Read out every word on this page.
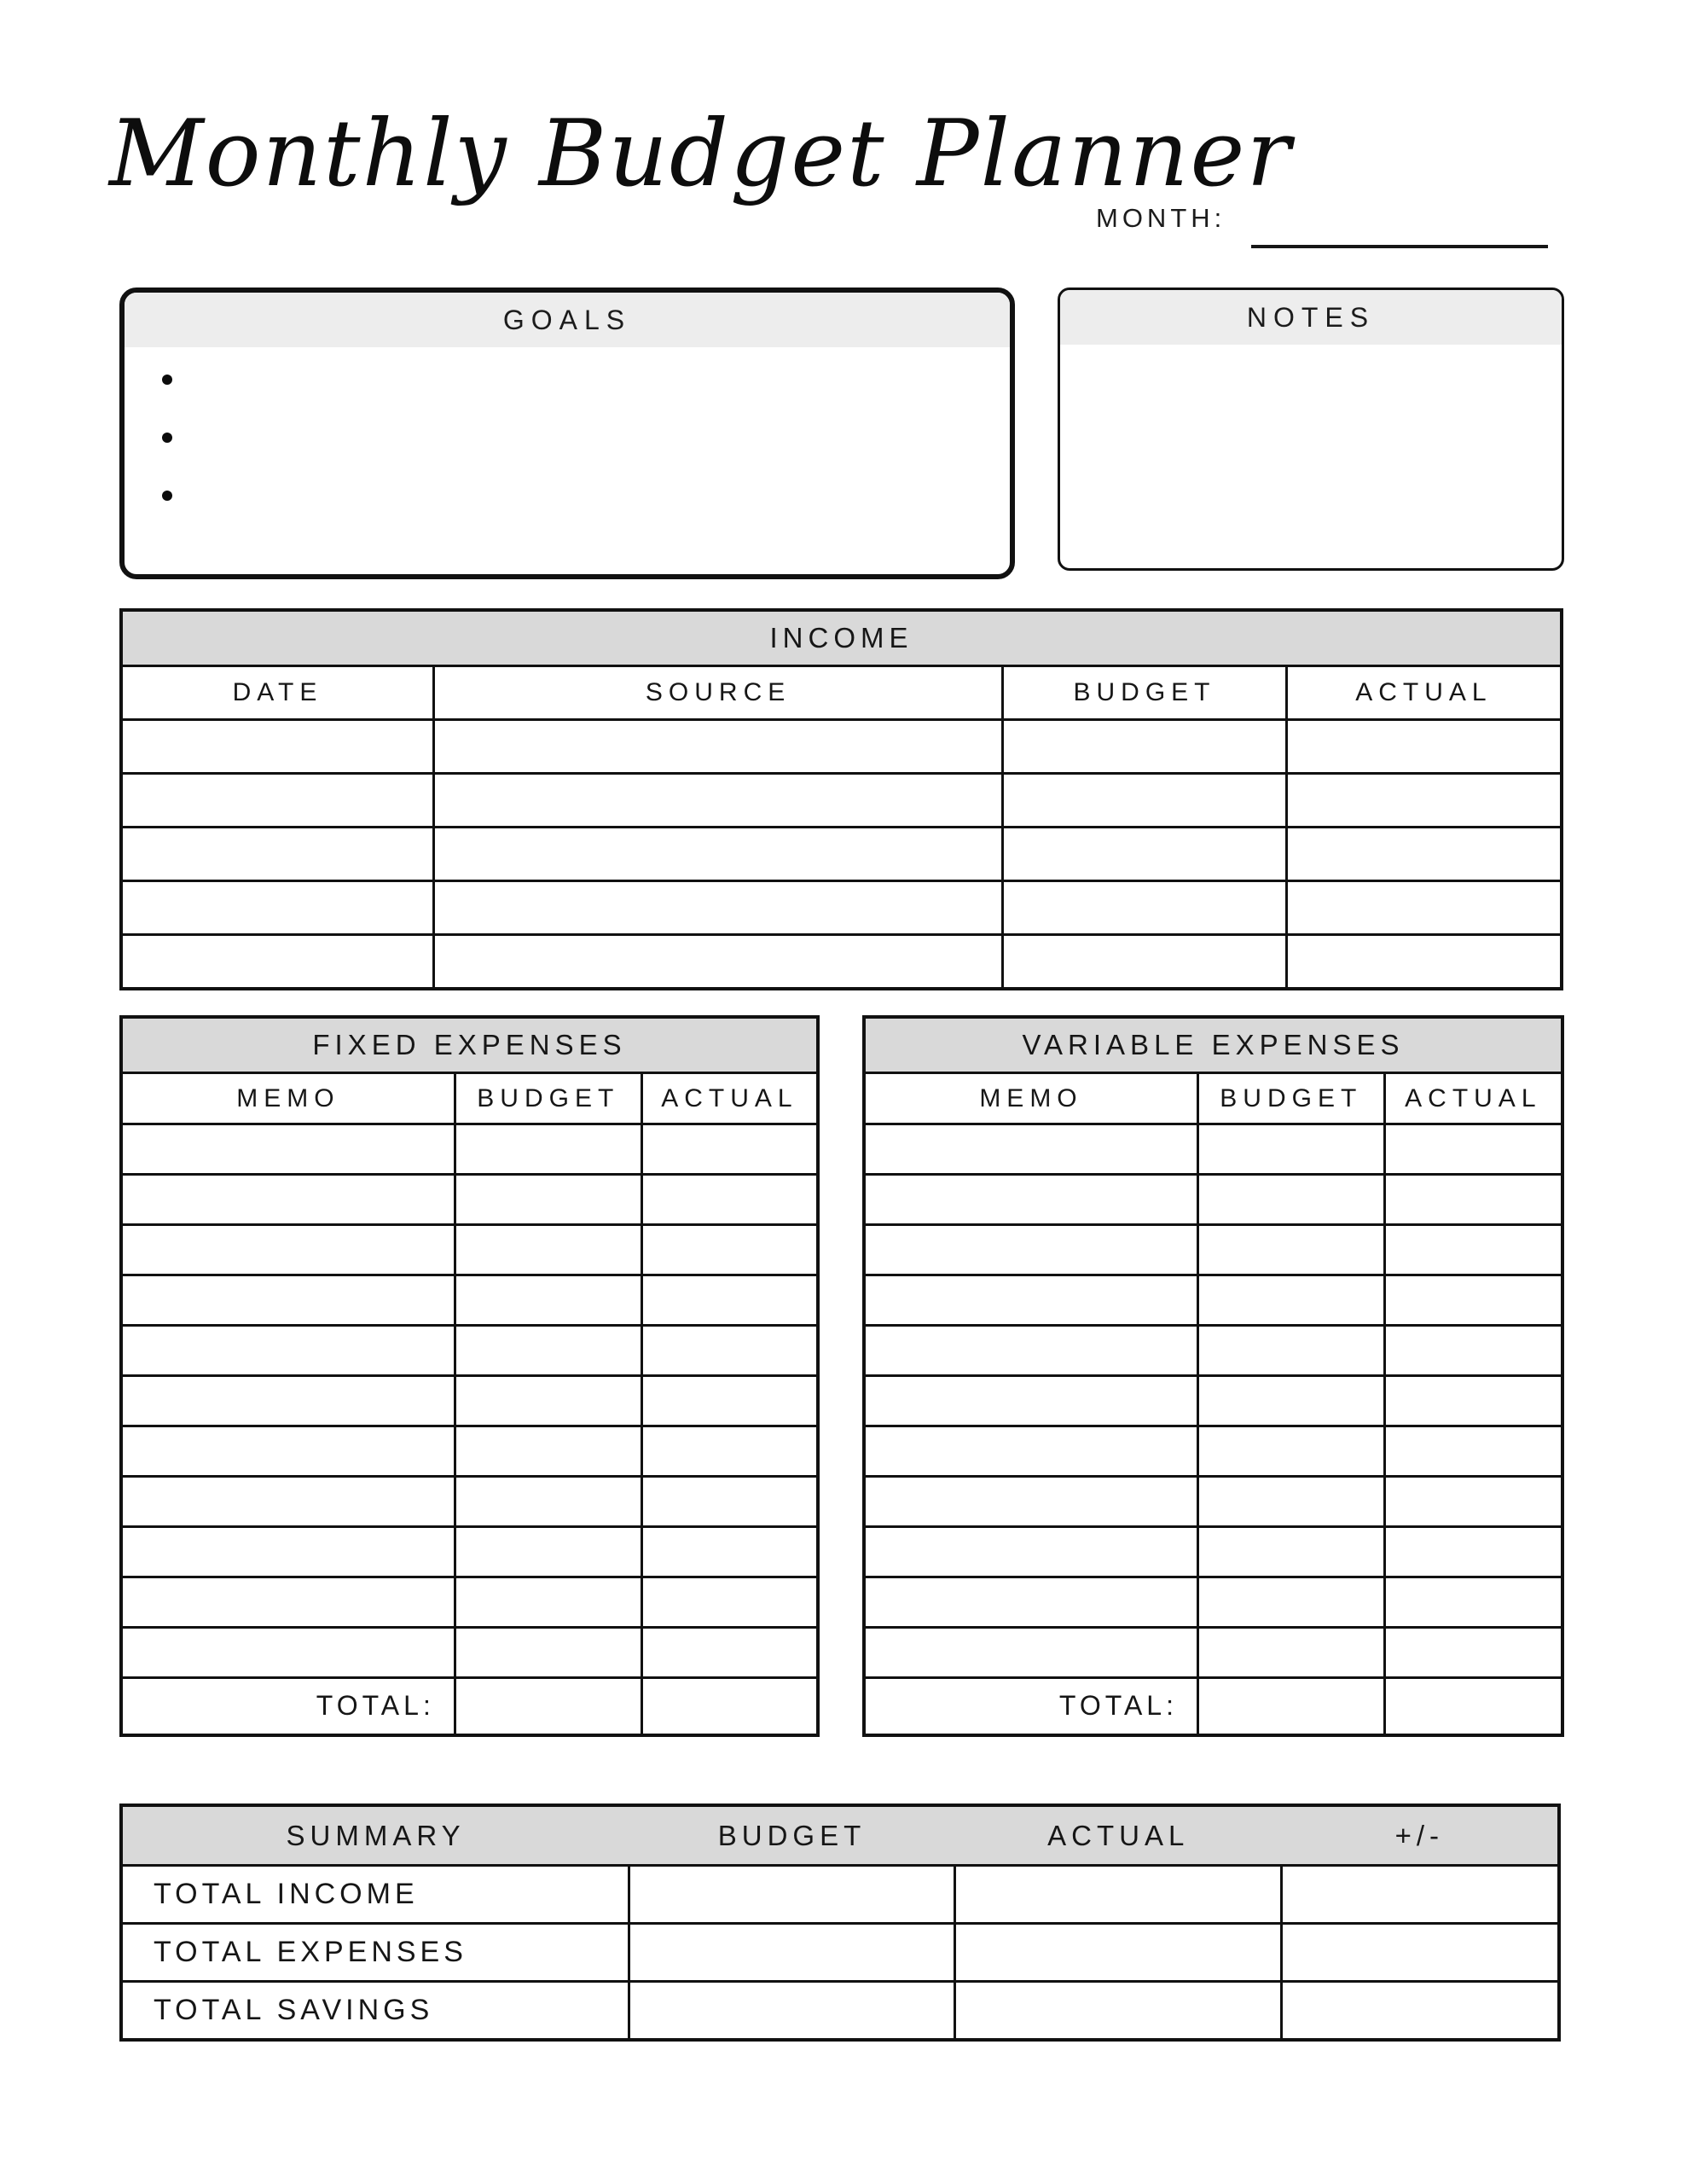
Monthly Budget Planner
MONTH:
GOALS	NOTES
INCOME			
DATE	SOURCE	BUDGET	ACTUAL

FIXED EXPENSES		
MEMO	BUDGET	ACTUAL

TOTAL:		
VARIABLE EXPENSES		
MEMO	BUDGET	ACTUAL

TOTAL:		
SUMMARY	BUDGET	ACTUAL	+/-
TOTAL INCOME			
TOTAL EXPENSES			
TOTAL SAVINGS			
